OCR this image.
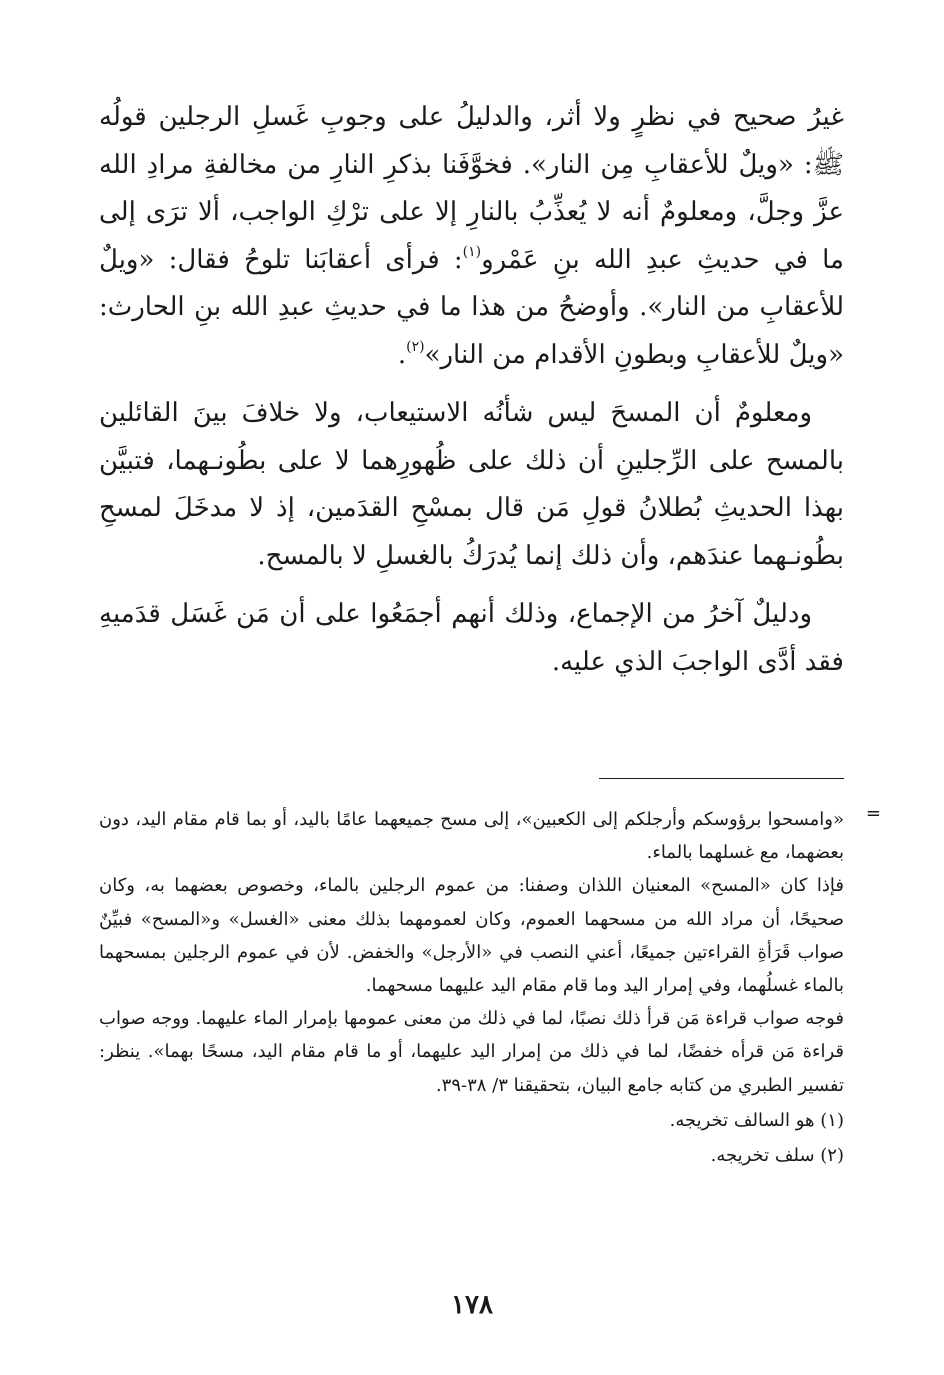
غيرُ صحيح في نظرٍ ولا أثر، والدليلُ على وجوبِ غَسلِ الرجلين قولُه ﷺ: «ويلٌ للأعقابِ مِن النار». فخوَّفَنا بذكرِ النارِ من مخالفةِ مرادِ الله عزَّ وجلَّ، ومعلومٌ أنه لا يُعذِّبُ بالنارِ إلا على ترْكِ الواجب، ألا ترَى إلى ما في حديثِ عبدِ الله بنِ عَمْرو$^{(١)}$: فرأى أعقابَنا تلوحُ فقال: «ويلٌ للأعقابِ من النار». وأوضحُ من هذا ما في حديثِ عبدِ الله بنِ الحارث: «ويلٌ للأعقابِ وبطونِ الأقدام من النار»$^{(٢)}$.

ومعلومٌ أن المسحَ ليس شأنُه الاستيعاب، ولا خلافَ بينَ القائلين بالمسح على الرِّجلينِ أن ذلك على ظُهورِهما لا على بطُونـهما، فتبيَّن بهذا الحديثِ بُطلانُ قولِ مَن قال بمسْحِ القدَمين، إذ لا مدخَلَ لمسحِ بطُونـهما عندَهم، وأن ذلك إنما يُدرَكُ بالغسلِ لا بالمسح.

ودليلٌ آخرُ من الإجماع، وذلك أنهم أجمَعُوا على أن مَن غَسَل قدَميهِ فقد أدَّى الواجبَ الذي عليه.

=

«وامسحوا برؤوسكم وأرجلكم إلى الكعبين»، إلى مسح جميعهما عامًا باليد، أو بما قام مقام اليد، دون بعضهما، مع غسلهما بالماء.

فإذا كان «المسح» المعنيان اللذان وصفنا: من عموم الرجلين بالماء، وخصوص بعضهما به، وكان صحيحًا، أن مراد الله من مسحهما العموم، وكان لعمومهما بذلك معنى «الغسل» و«المسح» فبيِّنٌ صواب قَرَأةِ القراءتين جميعًا، أعني النصب في «الأرجل» والخفض. لأن في عموم الرجلين بمسحهما بالماء غسلُهما، وفي إمرار اليد وما قام مقام اليد عليهما مسحهما.

فوجه صواب قراءة مَن قرأ ذلك نصبًا، لما في ذلك من معنى عمومها بإمرار الماء عليهما. ووجه صواب قراءة مَن قرأه خفضًا، لما في ذلك من إمرار اليد عليهما، أو ما قام مقام اليد، مسحًا بهما». ينظر: تفسير الطبري من كتابه جامع البيان، بتحقيقنا ٣/ ٣٨-٣٩.

(١) هو السالف تخريجه.

(٢) سلف تخريجه.

١٧٨
